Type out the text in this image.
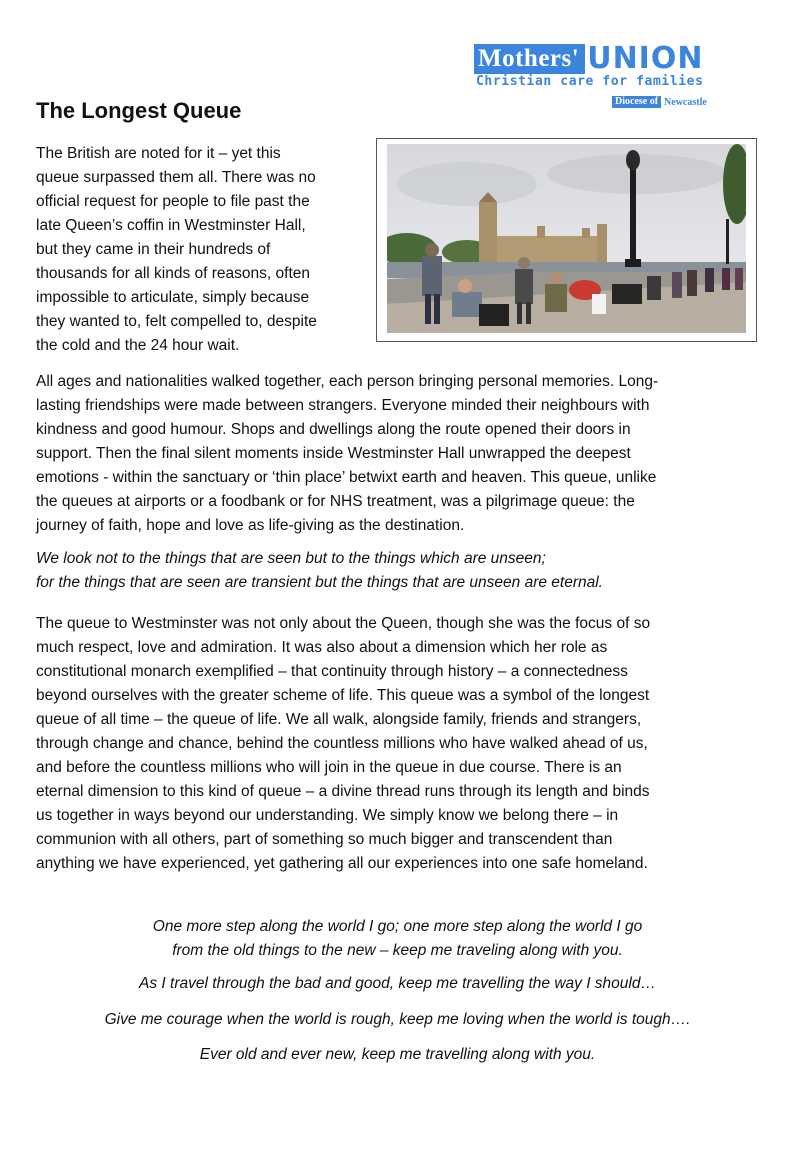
Mothers' UNION
Christian care for families
Diocese of Newcastle
The Longest Queue

The British are noted for it – yet this
queue surpassed them all. There was no
official request for people to file past the
late Queen’s coffin in Westminster Hall,
but they came in their hundreds of
thousands for all kinds of reasons, often
impossible to articulate, simply because
they wanted to, felt compelled to, despite
the cold and the 24 hour wait.

All ages and nationalities walked together, each person bringing personal memories. Long-
lasting friendships were made between strangers. Everyone minded their neighbours with
kindness and good humour. Shops and dwellings along the route opened their doors in
support. Then the final silent moments inside Westminster Hall unwrapped the deepest
emotions - within the sanctuary or ‘thin place’ betwixt earth and heaven. This queue, unlike
the queues at airports or a foodbank or for NHS treatment, was a pilgrimage queue: the
journey of faith, hope and love as life-giving as the destination.

We look not to the things that are seen but to the things which are unseen;
for the things that are seen are transient but the things that are unseen are eternal.

The queue to Westminster was not only about the Queen, though she was the focus of so
much respect, love and admiration. It was also about a dimension which her role as
constitutional monarch exemplified – that continuity through history – a connectedness
beyond ourselves with the greater scheme of life. This queue was a symbol of the longest
queue of all time – the queue of life. We all walk, alongside family, friends and strangers,
through change and chance, behind the countless millions who have walked ahead of us,
and before the countless millions who will join in the queue in due course. There is an
eternal dimension to this kind of queue – a divine thread runs through its length and binds
us together in ways beyond our understanding. We simply know we belong there – in
communion with all others, part of something so much bigger and transcendent than
anything we have experienced, yet gathering all our experiences into one safe homeland.

One more step along the world I go; one more step along the world I go
from the old things to the new – keep me traveling along with you.

As I travel through the bad and good, keep me travelling the way I should…

Give me courage when the world is rough, keep me loving when the world is tough….

Ever old and ever new, keep me travelling along with you.
